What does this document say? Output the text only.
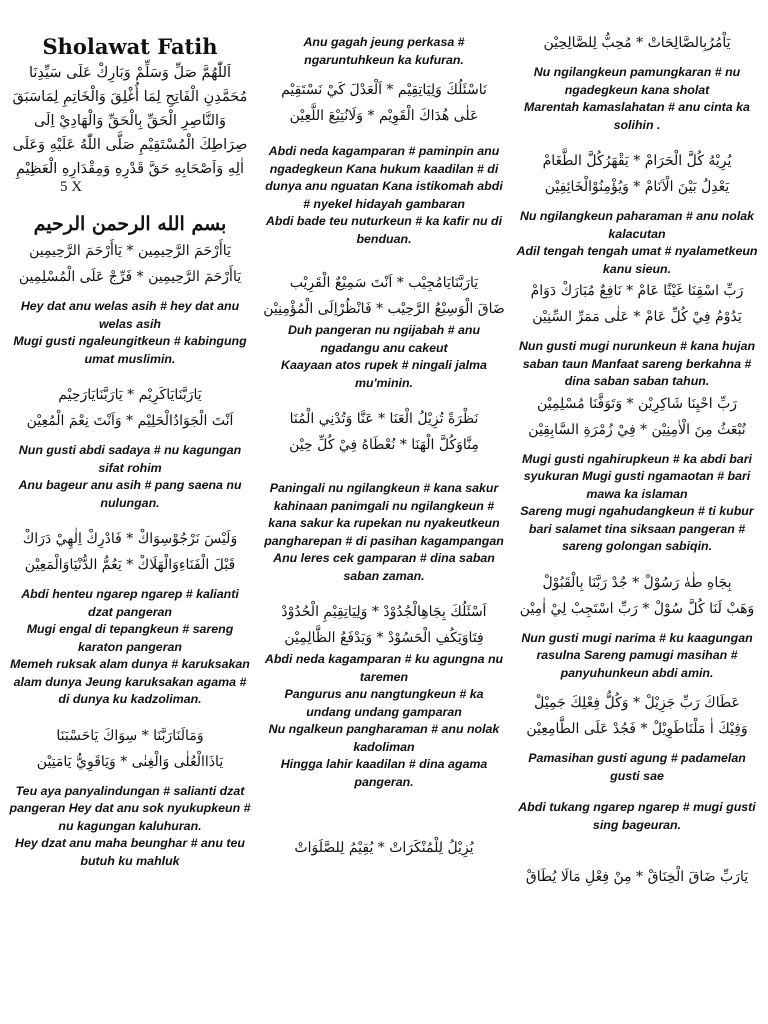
Sholawat Fatih
اَللّٰهُمَّ صَلِّ وَسَلِّمْ وَبَارِكْ عَلَى سَيِّدِنَا مُحَمَّدِنِ الْفَاتِحِ لِمَا أُغْلِقَ وَالْخَاتِمِ لِمَاسَبَقَ وَالنَّاصِرِ الْحَقِّ بِالْحَقِّ وَالْهَادِيْ اِلَى صِرَاطِكَ الْمُسْتَقِيْمِ صَلَّى اللّٰهُ عَلَيْهِ وَعَلَى اٰلِهِ وَاَصْحَابِهِ حَقَّ قَدْرِهِ وَمِقْدَارِهِ الْعَظِيْمِ
5 X
بسم الله الرحمن الرحيم
يَاأَرْحَمَ الرَّحِيمِين * يَاأَرْحَمَ الرَّحِيمِين
يَاأَرْحَمَ الرَّحِيمِين * فَرِّجْ عَلَى الْمُسْلِمِين
Hey dat anu welas asih # hey dat anu welas asih
Mugi gusti ngaleungitkeun # kabingung umat muslimin.
يَارَبَّنَايَاكَرِيْم * يَارَبَّنَايَارَحِيْم
اَنْتَ الْجَوَادُالْحَلِيْم * وَاَنْتَ نِعْمَ الْمُعِيْن
Nun gusti abdi sadaya # nu kagungan sifat rohim
Anu bageur anu asih # pang saena nu nulungan.
وَلَيْسَ نَرْجُوْسِوَاكْ * فَادْرِكْ اِلٰهِيْ دَرَاكْ
قَبْلَ الْفَنَاءِوَالْهَلَاكْ * يَعُمُّ الدُّنْيَاوَالْمَعِيْن
Abdi henteu ngarep ngarep # kalianti dzat pangeran
Mugi engal di tepangkeun # sareng karaton pangeran
Memeh ruksak alam dunya # karuksakan alam dunya Jeung karuksakan agama # di dunya ku kadzoliman.
وَمَالَنَارَبَّنَا * سِوَاكَ يَاحَسْبَنَا
يَاذَاالْعُلٰى وَالْغِنٰى * وَيَاقَوِيُّ يَامَتِيْن
Teu aya panyalindungan # salianti dzat pangeran Hey dat anu sok nyukupkeun # nu kagungan kaluhuran.
Hey dzat anu maha beunghar # anu teu butuh ku mahluk
Anu gagah jeung perkasa # ngaruntuhkeun ka kufuran.
نَاسْئَلُكَ وَلِيَاتِقِيْم * اَلْعَدْلَ كَيْ نَسْتَقِيْم
عَلٰى هُدَاكَ الْقَوِيْم * وَلَانُتِيْعَ اللَّعِيْن
Abdi neda kagamparan # paminpin anu ngadegkeun Kana hukum kaadilan # di dunya anu nguatan Kana istikomah abdi # nyekel hidayah gambaran
Abdi bade teu nuturkeun # ka kafir nu di benduan.
يَارَبَّنَايَامُجِيْب * اَنْتَ سَمِيْعٌ الْقَرِيْب
ضَاقَ الْوَسِيْعُ الرَّحِيْب * فَانْظُرْاِلَى الْمُؤْمِنِيْن
Duh pangeran nu ngijabah # anu ngadangu anu cakeut
Kaayaan atos rupek # ningali jalma mu'minin.
نَظْرَةً تُزِيْلُ الْعَنَا * عَنَّا وَتُدْنِي الْمُنَا
مِنَّاوَكُلَّ الْهَنَا * نُعْطَاهُ فِيْ كُلِّ حِيْن
Paningali nu ngilangkeun # kana sakur kahinaan panimgali nu ngilangkeun # kana sakur ka rupekan nu nyakeutkeun pangharepan # di pasihan kagampangan
Anu leres cek gamparan # dina saban saban zaman.
اَسْئَلُكَ بِجَاهِالْجُدُوْدْ * وَلِيَاتِقِيْمِ الْحُدُوْدْ
فِتَاوَيَكُفِ الْحَسُوْدْ * وَيَدْفَعُ الظَّالِمِيْن
Abdi neda kagamparan # ku agungna nu taremen
Pangurus anu nangtungkeun # ka undang undang gamparan
Nu ngalkeun pangharaman # anu nolak kadoliman
Hingga lahir kaadilan # dina agama pangeran.
يُزِيْلُ لِلْمُنْكَرَاتْ * يُقِيْمُ لِلصَّلَوَاتْ
يَاْمُرُبِالصَّالِحَاتْ * مُحِبُّ لِلصَّالِحِيْن
Nu ngilangkeun pamungkaran # nu ngadegkeun kana sholat
Marentah kamaslahatan # anu cinta ka solihin .
يُرِيْهُ كُلَّ الْحَرَامْ * يَقْهَرُكُلَّ الطَّغَامْ
يَعْدِلُ بَيْنَ الْاَنَامْ * وَيُؤْمِنُوْالْخَائِفِيْن
Nu ngilangkeun paharaman # anu nolak kalacutan
Adil tengah tengah umat # nyalametkeun kanu sieun.
رَبِّ اسْقِنَا غَيْثًا عَامْ * نَافِعٌ مُبَارَكْ دَوَامْ
يَدُوْمُ فِيْ كُلِّ عَامْ * عَلٰى مَمَرِّ السِّنِيْن
Nun gusti mugi nurunkeun # kana hujan saban taun Manfaat sareng berkahna # dina saban saban tahun.
رَبِّ احْيِنَا شَاكِرِيْن * وَتَوَفَّنَا مُسْلِمِيْن
نُبْعَثُ مِنَ الْاٰمِنِيْن * فِيْ زُمْرَةِ السَّابِقِيْن
Mugi gusti ngahirupkeun # ka abdi bari syukuran Mugi gusti ngamaotan # bari mawa ka islaman
Sareng mugi ngahudangkeun # ti kubur bari salamet tina siksaan pangeran # sareng golongan sabiqin.
بِجَاهِ طٰهٰ رَسُوْلْ * جُدْ رَبَّنَا بِالْقَبُوْلْ
وَهَبْ لَنَا كُلَّ سُوْلْ * رَبِّ اسْتَجِبْ لِيْ اٰمِيْن
Nun gusti mugi narima # ku kaagungan rasulna Sareng pamugi masihan # panyuhunkeun abdi amin.
عَطَاكَ رَبِّ جَزِيْلْ * وَكُلُّ فِعْلِكَ جَمِيْلْ
وَفِيْكَ اٰ مَلْنَاطَوِيْلْ * فَجُدْ عَلَى الطَّامِعِيْن
Pamasihan gusti agung # padamelan gusti sae
Abdi tukang ngarep ngarep # mugi gusti sing bageuran.
يَارَبِّ ضَاقَ الْخِنَاقْ * مِنْ فِعْلِ مَالَا يُطَاقْ
